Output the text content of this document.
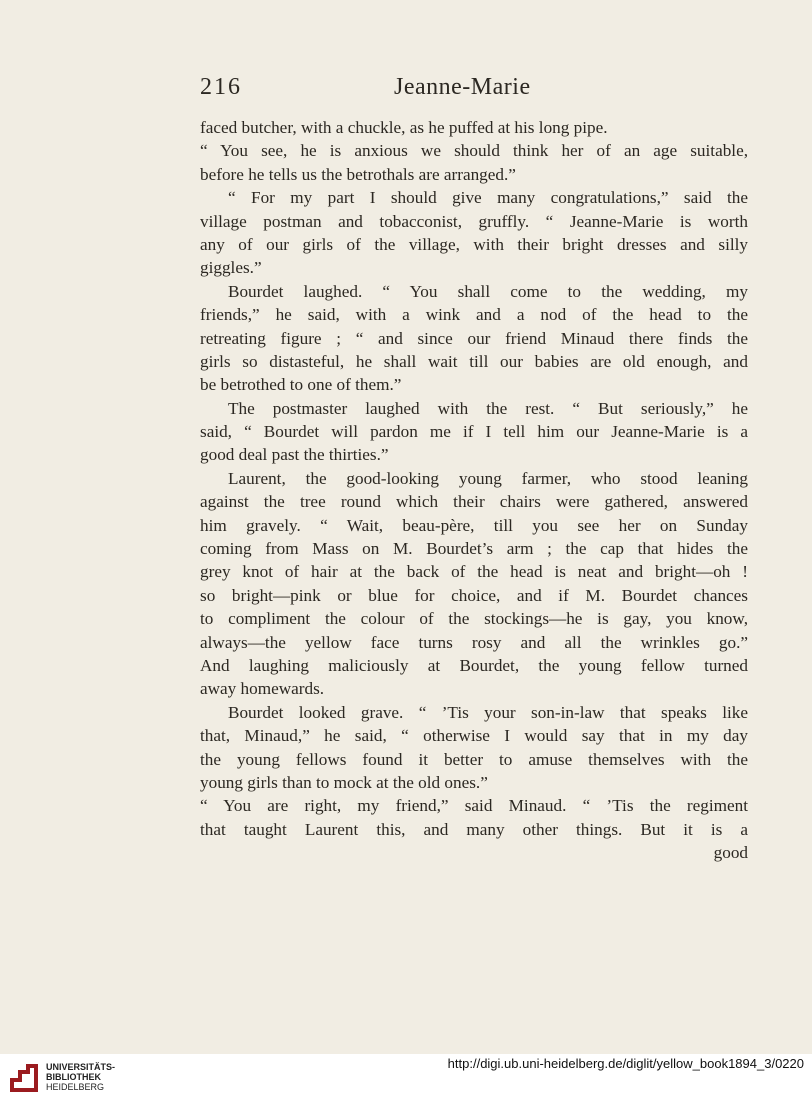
216	Jeanne-Marie
faced butcher, with a chuckle, as he puffed at his long pipe.
“ You see, he is anxious we should think her of an age suitable,
before he tells us the betrothals are arranged.”
“ For my part I should give many congratulations,” said the
village postman and tobacconist, gruffly. “ Jeanne-Marie is worth
any of our girls of the village, with their bright dresses and silly
giggles.”
Bourdet laughed. “ You shall come to the wedding, my
friends,” he said, with a wink and a nod of the head to the
retreating figure ; “ and since our friend Minaud there finds the
girls so distasteful, he shall wait till our babies are old enough, and
be betrothed to one of them.”
The postmaster laughed with the rest. “ But seriously,” he
said, “ Bourdet will pardon me if I tell him our Jeanne-Marie is a
good deal past the thirties.”
Laurent, the good-looking young farmer, who stood leaning
against the tree round which their chairs were gathered, answered
him gravely. “ Wait, beau-père, till you see her on Sunday
coming from Mass on M. Bourdet’s arm ; the cap that hides the
grey knot of hair at the back of the head is neat and bright—oh !
so bright—pink or blue for choice, and if M. Bourdet chances
to compliment the colour of the stockings—he is gay, you know,
always—the yellow face turns rosy and all the wrinkles go.”
And laughing maliciously at Bourdet, the young fellow turned
away homewards.
Bourdet looked grave. “ ’Tis your son-in-law that speaks like
that, Minaud,” he said, “ otherwise I would say that in my day
the young fellows found it better to amuse themselves with the
young girls than to mock at the old ones.”
“ You are right, my friend,” said Minaud. “ ’Tis the regiment
that taught Laurent this, and many other things. But it is a
good
UNIVERSITÄTS-
BIBLIOTHEK
HEIDELBERG
http://digi.ub.uni-heidelberg.de/diglit/yellow_book1894_3/0220
